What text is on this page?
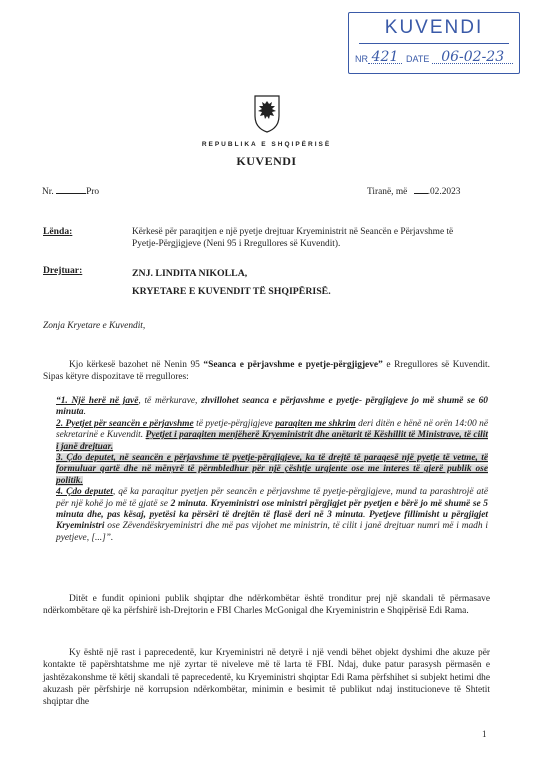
KUVENDI
NR 421 DATE 06-02-23
REPUBLIKA E SHQIPËRISË
KUVENDI
Nr.	Pro	Tiranë, më .02.2023
Lënda:	Kërkesë për paraqitjen e një pyetje drejtuar Kryeministrit në Seancën e Përjavshme të Pyetje-Përgjigjeve (Neni 95 i Rregullores së Kuvendit).
Drejtuar:	ZNJ. LINDITA NIKOLLA,
KRYETARE E KUVENDIT TË SHQIPËRISË.
Zonja Kryetare e Kuvendit,
Kjo kërkesë bazohet në Nenin 95 “Seanca e përjavshme e pyetje-përgjigjeve” e Rregullores së Kuvendit. Sipas këtyre dispozitave të rregullores:

“1. Një herë në javë, të mërkurave, zhvillohet seanca e përjavshme e pyetje- përgjigjeve jo më shumë se 60 minuta.

2. Pyetjet për seancën e përjavshme të pyetje-përgjigjeve paraqiten me shkrim deri ditën e hënë në orën 14:00 në sekretarinë e Kuvendit. Pyetjet i paraqiten menjëherë Kryeministrit dhe anëtarit të Këshillit të Ministrave, të cilit i janë drejtuar.

3. Çdo deputet, në seancën e përjavshme të pyetje-përgjigjeve, ka të drejtë të paraqesë një pyetje të vetme, të formuluar qartë dhe në mënyrë të përmbledhur për një çështje urgjente ose me interes të gjerë publik ose politik.

4. Çdo deputet, që ka paraqitur pyetjen për seancën e përjavshme të pyetje-përgjigjeve, mund ta parashtrojë atë për një kohë jo më të gjatë se 2 minuta. Kryeministri ose ministri përgjigjet për pyetjen e bërë jo më shumë se 5 minuta dhe, pas kësaj, pyetësi ka përsëri të drejtën të flasë deri në 3 minuta. Pyetjeve fillimisht u përgjigjet Kryeministri ose Zëvendëskryeministri dhe më pas vijohet me ministrin, të cilit i janë drejtuar numri më i madh i pyetjeve, [...]”.

Ditët e fundit opinioni publik shqiptar dhe ndërkombëtar është tronditur prej një skandali të përmasave ndërkombëtare që ka përfshirë ish-Drejtorin e FBI Charles McGonigal dhe Kryeministrin e Shqipërisë Edi Rama.
Ky është një rast i paprecedentë, kur Kryeministri në detyrë i një vendi bëhet objekt dyshimi dhe akuze për kontakte të papërshtatshme me një zyrtar të niveleve më të larta të FBI. Ndaj, duke patur parasysh përmasën e jashtëzakonshme të këtij skandali të paprecedentë, ku Kryeministri shqiptar Edi Rama përfshihet si subjekt hetimi dhe akuzash për përfshirje në korrupsion ndërkombëtar, minimin e besimit të publikut ndaj institucioneve të Shtetit shqiptar dhe
1
